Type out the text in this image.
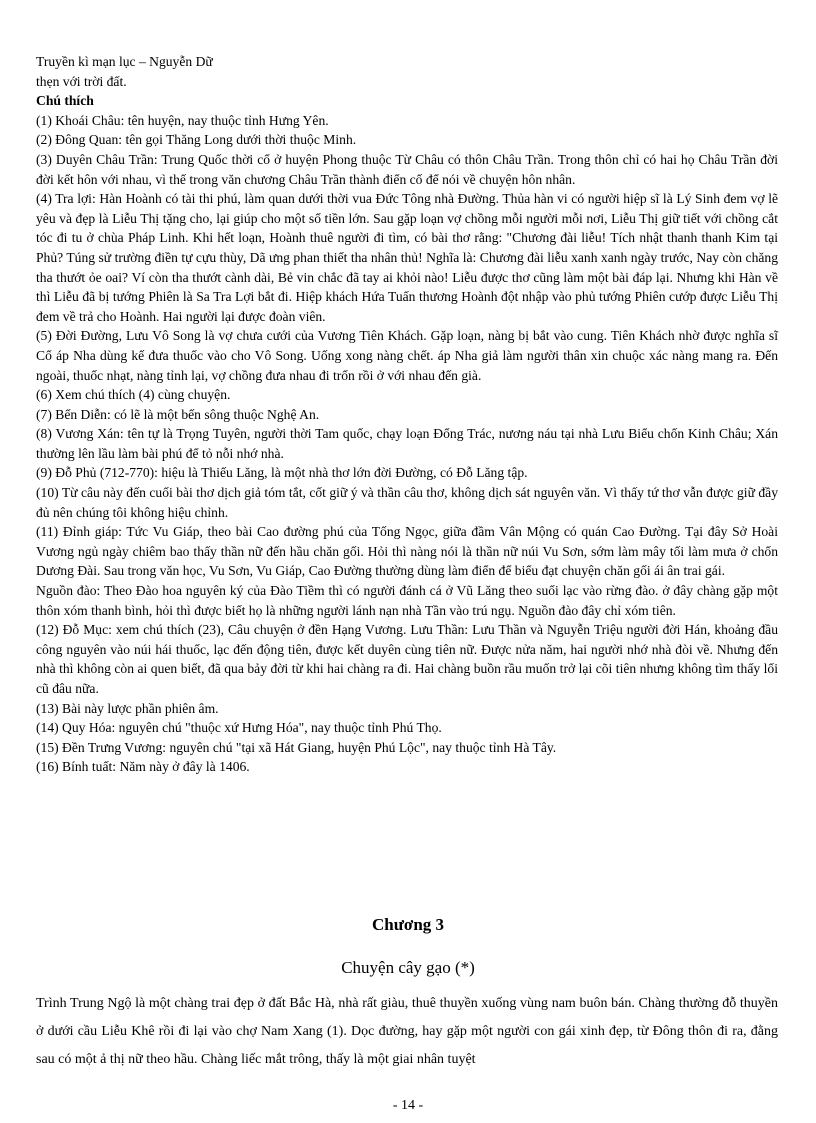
Truyền kì mạn lục – Nguyễn Dữ

thẹn với trời đất.

Chú thích

(1) Khoái Châu: tên huyện, nay thuộc tỉnh Hưng Yên.

(2) Đông Quan: tên gọi Thăng Long dưới thời thuộc Minh.

(3) Duyên Châu Trần: Trung Quốc thời cổ ở huyện Phong thuộc Từ Châu có thôn Châu Trần. Trong thôn chỉ có hai họ Châu Trần đời đời kết hôn với nhau, vì thế trong văn chương Châu Trần thành điển cố để nói về chuyện hôn nhân.

(4) Tra lợi: Hàn Hoành có tài thi phú, làm quan dưới thời vua Đức Tông nhà Đường. Thủa hàn vi có người hiệp sĩ là Lý Sinh đem vợ lẽ yêu và đẹp là Liễu Thị tặng cho, lại giúp cho một số tiền lớn. Sau gặp loạn vợ chồng mỗi người mỗi nơi, Liễu Thị giữ tiết với chồng cắt tóc đi tu ở chùa Pháp Linh. Khi hết loạn, Hoành thuê người đi tìm, có bài thơ rằng: "Chương đài liễu! Tích nhật thanh thanh Kim tại Phủ? Túng sử trường điền tự cựu thùy, Dã ưng phan thiết tha nhân thủ! Nghĩa là: Chương đài liễu xanh xanh ngày trước, Nay còn chăng tha thướt ỏe oai? Ví còn tha thướt cành dài, Bẻ vin chắc đã tay ai khỏi nào! Liễu được thơ cũng làm một bài đáp lại. Nhưng khi Hàn về thì Liễu đã bị tướng Phiên là Sa Tra Lợi bắt đi. Hiệp khách Hứa Tuấn thương Hoành đột nhập vào phủ tướng Phiên cướp được Liễu Thị đem về trả cho Hoành. Hai người lại được đoàn viên.

(5) Đời Đường, Lưu Vô Song là vợ chưa cưới của Vương Tiên Khách. Gặp loạn, nàng bị bắt vào cung. Tiên Khách nhờ được nghĩa sĩ Cổ áp Nha dùng kế đưa thuốc vào cho Vô Song. Uống xong nàng chết. áp Nha giả làm người thân xin chuộc xác nàng mang ra. Đến ngoài, thuốc nhạt, nàng tỉnh lại, vợ chồng đưa nhau đi trốn rồi ở với nhau đến già.

(6) Xem chú thích (4) cùng chuyện.

(7) Bến Diễn: có lẽ là một bến sông thuộc Nghệ An.

(8) Vương Xán: tên tự là Trọng Tuyên, người thời Tam quốc, chạy loạn Đổng Trác, nương náu tại nhà Lưu Biểu chốn Kinh Châu; Xán thường lên lầu làm bài phú để tỏ nỗi nhớ nhà.

(9) Đỗ Phủ (712-770): hiệu là Thiếu Lăng, là một nhà thơ lớn đời Đường, có Đỗ Lăng tập.

(10) Từ câu này đến cuối bài thơ dịch giả tóm tắt, cốt giữ ý và thần câu thơ, không dịch sát nguyên văn. Vì thấy tứ thơ vẫn được giữ đầy đủ nên chúng tôi không hiệu chỉnh.

(11) Đỉnh giáp: Tức Vu Giáp, theo bài Cao đường phú của Tống Ngọc, giữa đầm Vân Mộng có quán Cao Đường. Tại đây Sở Hoài Vương ngủ ngày chiêm bao thấy thần nữ đến hầu chăn gối. Hỏi thì nàng nói là thần nữ núi Vu Sơn, sớm làm mây tối làm mưa ở chốn Dương Đài. Sau trong văn học, Vu Sơn, Vu Giáp, Cao Đường thường dùng làm điển để biểu đạt chuyện chăn gối ái ân trai gái.

Nguồn đào: Theo Đào hoa nguyên ký của Đào Tiềm thì có người đánh cá ở Vũ Lăng theo suối lạc vào rừng đào. ở đây chàng gặp một thôn xóm thanh bình, hỏi thì được biết họ là những người lánh nạn nhà Tần vào trú ngụ. Nguồn đào đây chỉ xóm tiên.

(12) Đỗ Mục: xem chú thích (23), Câu chuyện ở đền Hạng Vương. Lưu Thần: Lưu Thần và Nguyễn Triệu người đời Hán, khoảng đầu công nguyên vào núi hái thuốc, lạc đến động tiên, được kết duyên cùng tiên nữ. Được nửa năm, hai người nhớ nhà đòi về. Nhưng đến nhà thì không còn ai quen biết, đã qua bảy đời từ khi hai chàng ra đi. Hai chàng buồn rầu muốn trở lại cõi tiên nhưng không tìm thấy lối cũ đâu nữa.

(13) Bài này lược phần phiên âm.

(14) Quy Hóa: nguyên chú "thuộc xứ Hưng Hóa", nay thuộc tỉnh Phú Thọ.

(15) Đền Trưng Vương: nguyên chú "tại xã Hát Giang, huyện Phú Lộc", nay thuộc tỉnh Hà Tây.

(16) Bính tuất: Năm này ở đây là 1406.

Chương 3
Chuyện cây gạo (*)

Trình Trung Ngộ là một chàng trai đẹp ở đất Bắc Hà, nhà rất giàu, thuê thuyền xuống vùng nam buôn bán. Chàng thường đỗ thuyền ở dưới cầu Liễu Khê rồi đi lại vào chợ Nam Xang (1). Dọc đường, hay gặp một người con gái xinh đẹp, từ Đông thôn đi ra, đằng sau có một ả thị nữ theo hầu. Chàng liếc mắt trông, thấy là một giai nhân tuyệt

- 14 -
